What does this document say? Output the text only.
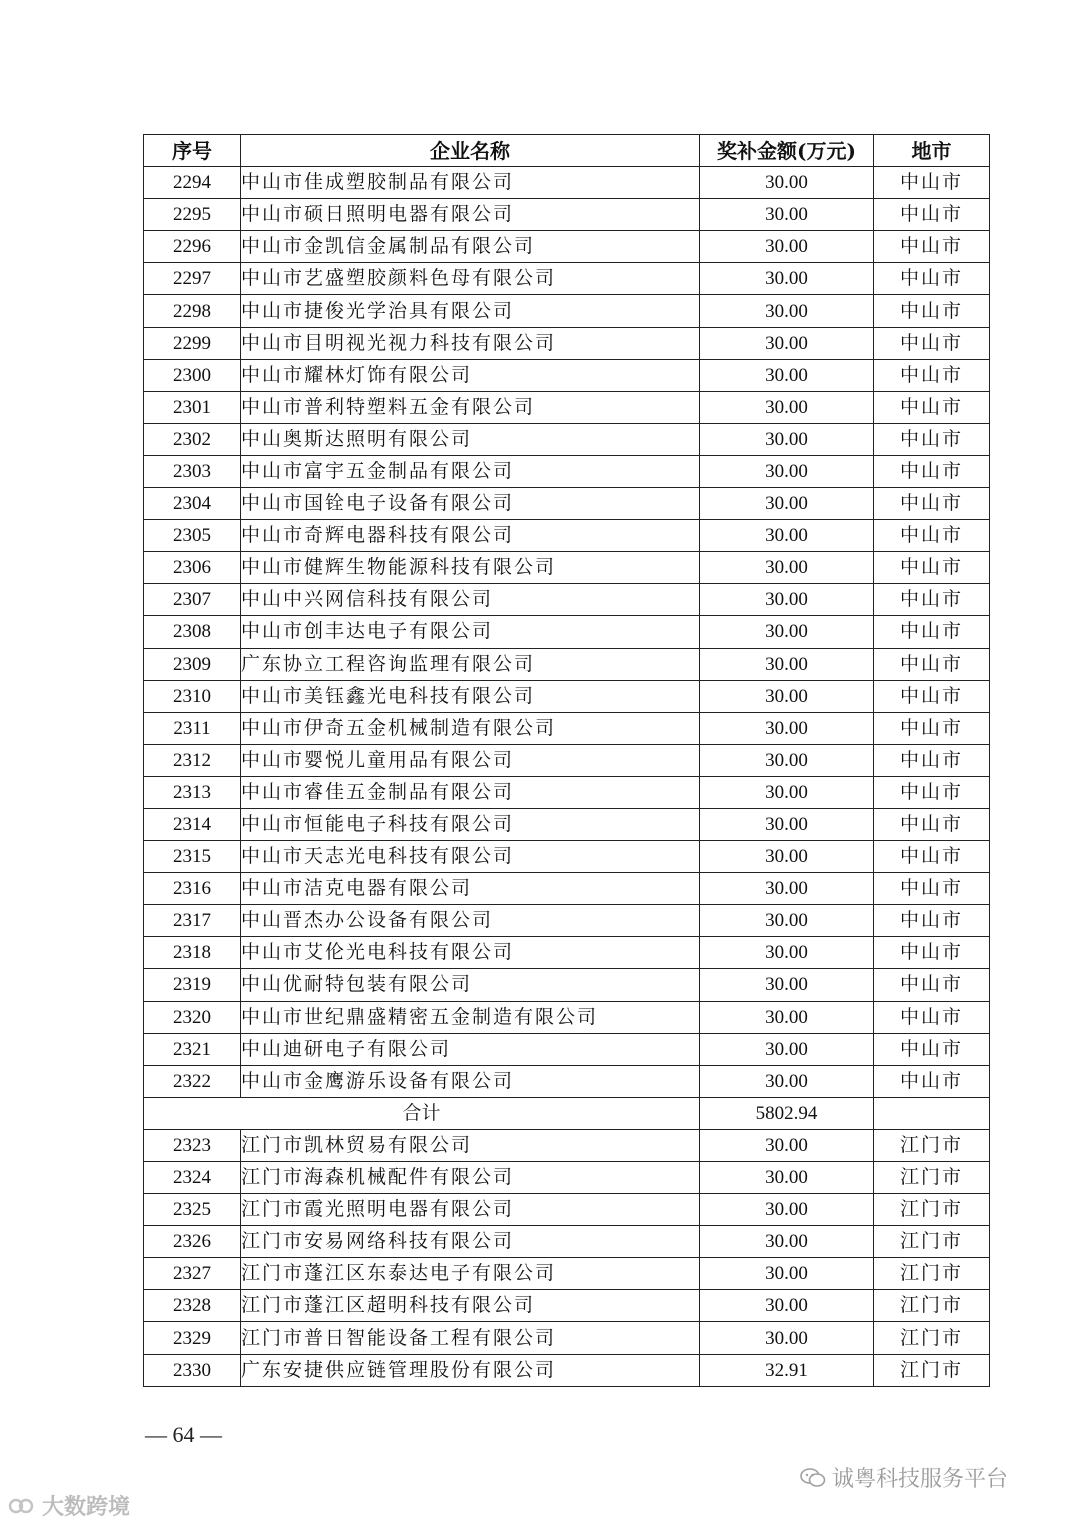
序号	企业名称	奖补金额(万元)	地市
2294	中山市佳成塑胶制品有限公司	30.00	中山市
2295	中山市硕日照明电器有限公司	30.00	中山市
2296	中山市金凯信金属制品有限公司	30.00	中山市
2297	中山市艺盛塑胶颜料色母有限公司	30.00	中山市
2298	中山市捷俊光学治具有限公司	30.00	中山市
2299	中山市目明视光视力科技有限公司	30.00	中山市
2300	中山市耀林灯饰有限公司	30.00	中山市
2301	中山市普利特塑料五金有限公司	30.00	中山市
2302	中山奥斯达照明有限公司	30.00	中山市
2303	中山市富宇五金制品有限公司	30.00	中山市
2304	中山市国铨电子设备有限公司	30.00	中山市
2305	中山市奇辉电器科技有限公司	30.00	中山市
2306	中山市健辉生物能源科技有限公司	30.00	中山市
2307	中山中兴网信科技有限公司	30.00	中山市
2308	中山市创丰达电子有限公司	30.00	中山市
2309	广东协立工程咨询监理有限公司	30.00	中山市
2310	中山市美钰鑫光电科技有限公司	30.00	中山市
2311	中山市伊奇五金机械制造有限公司	30.00	中山市
2312	中山市婴悦儿童用品有限公司	30.00	中山市
2313	中山市睿佳五金制品有限公司	30.00	中山市
2314	中山市恒能电子科技有限公司	30.00	中山市
2315	中山市天志光电科技有限公司	30.00	中山市
2316	中山市洁克电器有限公司	30.00	中山市
2317	中山晋杰办公设备有限公司	30.00	中山市
2318	中山市艾伦光电科技有限公司	30.00	中山市
2319	中山优耐特包装有限公司	30.00	中山市
2320	中山市世纪鼎盛精密五金制造有限公司	30.00	中山市
2321	中山迪研电子有限公司	30.00	中山市
2322	中山市金鹰游乐设备有限公司	30.00	中山市
合计		5802.94	
2323	江门市凯林贸易有限公司	30.00	江门市
2324	江门市海森机械配件有限公司	30.00	江门市
2325	江门市霞光照明电器有限公司	30.00	江门市
2326	江门市安易网络科技有限公司	30.00	江门市
2327	江门市蓬江区东泰达电子有限公司	30.00	江门市
2328	江门市蓬江区超明科技有限公司	30.00	江门市
2329	江门市普日智能设备工程有限公司	30.00	江门市
2330	广东安捷供应链管理股份有限公司	32.91	江门市
— 64 —
诚粤科技服务平台
大数跨境
